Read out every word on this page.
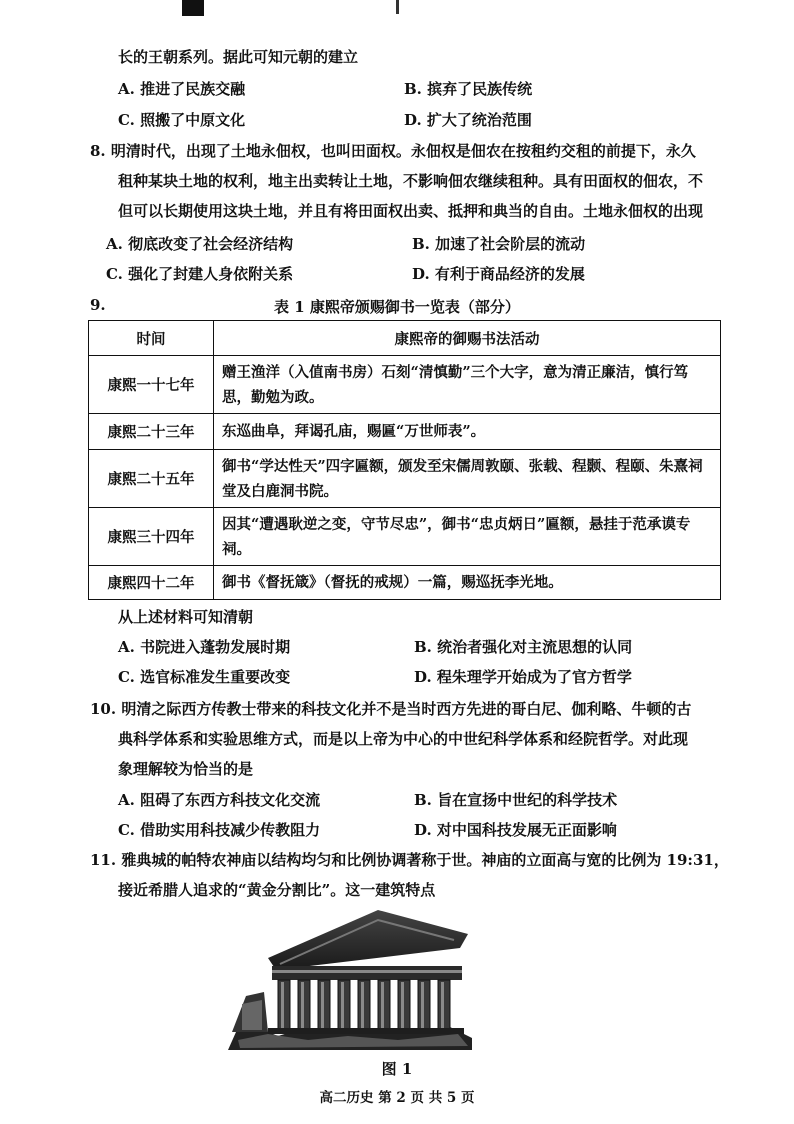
长的王朝系列。据此可知元朝的建立
A. 推进了民族交融	B. 摈弃了民族传统
C. 照搬了中原文化	D. 扩大了统治范围
8. 明清时代，出现了土地永佃权，也叫田面权。永佃权是佃农在按租约交租的前提下，永久
租种某块土地的权利，地主出卖转让土地，不影响佃农继续租种。具有田面权的佃农，不
但可以长期使用这块土地，并且有将田面权出卖、抵押和典当的自由。土地永佃权的出现
A. 彻底改变了社会经济结构	B. 加速了社会阶层的流动
C. 强化了封建人身依附关系	D. 有利于商品经济的发展
9.	表 1 康熙帝颁赐御书一览表（部分）
时间	康熙帝的御赐书法活动
康熙一十七年	赠王渔洋（入值南书房）石刻“清慎勤”三个大字，意为清正廉洁，慎行笃思，勤勉为政。
康熙二十三年	东巡曲阜，拜谒孔庙，赐匾“万世师表”。
康熙二十五年	御书“学达性天”四字匾额，颁发至宋儒周敦颐、张载、程颢、程颐、朱熹祠堂及白鹿洞书院。
康熙三十四年	因其“遭遇耿逆之变，守节尽忠”，御书“忠贞炳日”匾额，悬挂于范承谟专祠。
康熙四十二年	御书《督抚箴》（督抚的戒规）一篇，赐巡抚李光地。
从上述材料可知清朝
A. 书院进入蓬勃发展时期	B. 统治者强化对主流思想的认同
C. 选官标准发生重要改变	D. 程朱理学开始成为了官方哲学
10. 明清之际西方传教士带来的科技文化并不是当时西方先进的哥白尼、伽利略、牛顿的古
典科学体系和实验思维方式，而是以上帝为中心的中世纪科学体系和经院哲学。对此现
象理解较为恰当的是
A. 阻碍了东西方科技文化交流	B. 旨在宣扬中世纪的科学技术
C. 借助实用科技减少传教阻力	D. 对中国科技发展无正面影响
11. 雅典城的帕特农神庙以结构均匀和比例协调著称于世。神庙的立面高与宽的比例为 19:31，
接近希腊人追求的“黄金分割比”。这一建筑特点
图 1
高二历史 第 2 页 共 5 页
